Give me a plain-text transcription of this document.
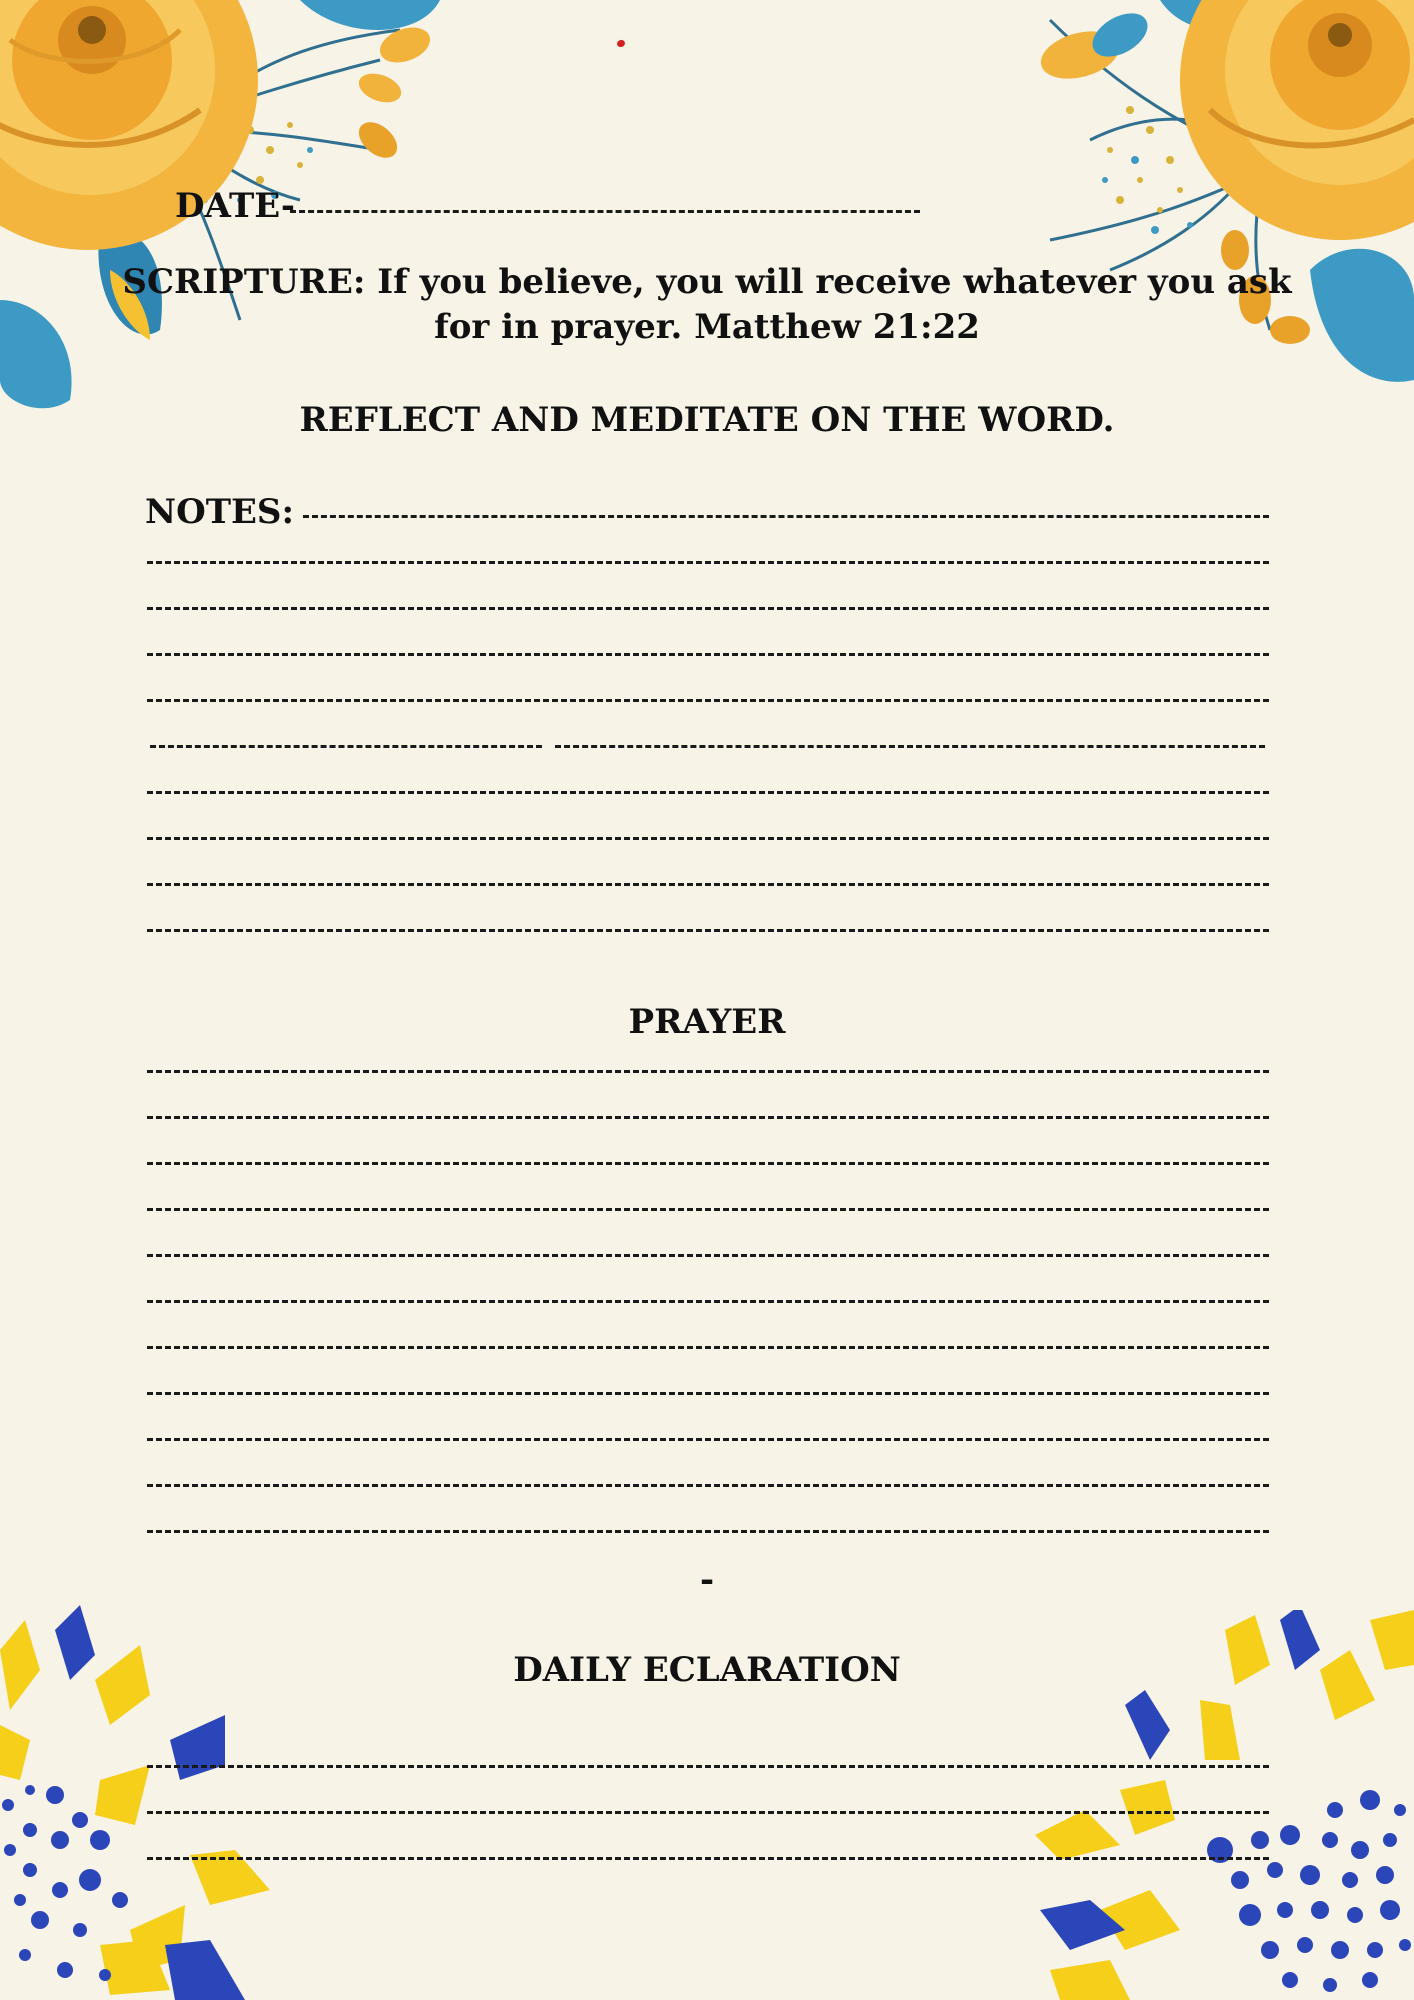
DATE-
SCRIPTURE: If you believe, you will receive whatever you ask
for in prayer. Matthew 21:22
REFLECT AND MEDITATE ON THE WORD.
NOTES:
PRAYER
-
DAILY ECLARATION
